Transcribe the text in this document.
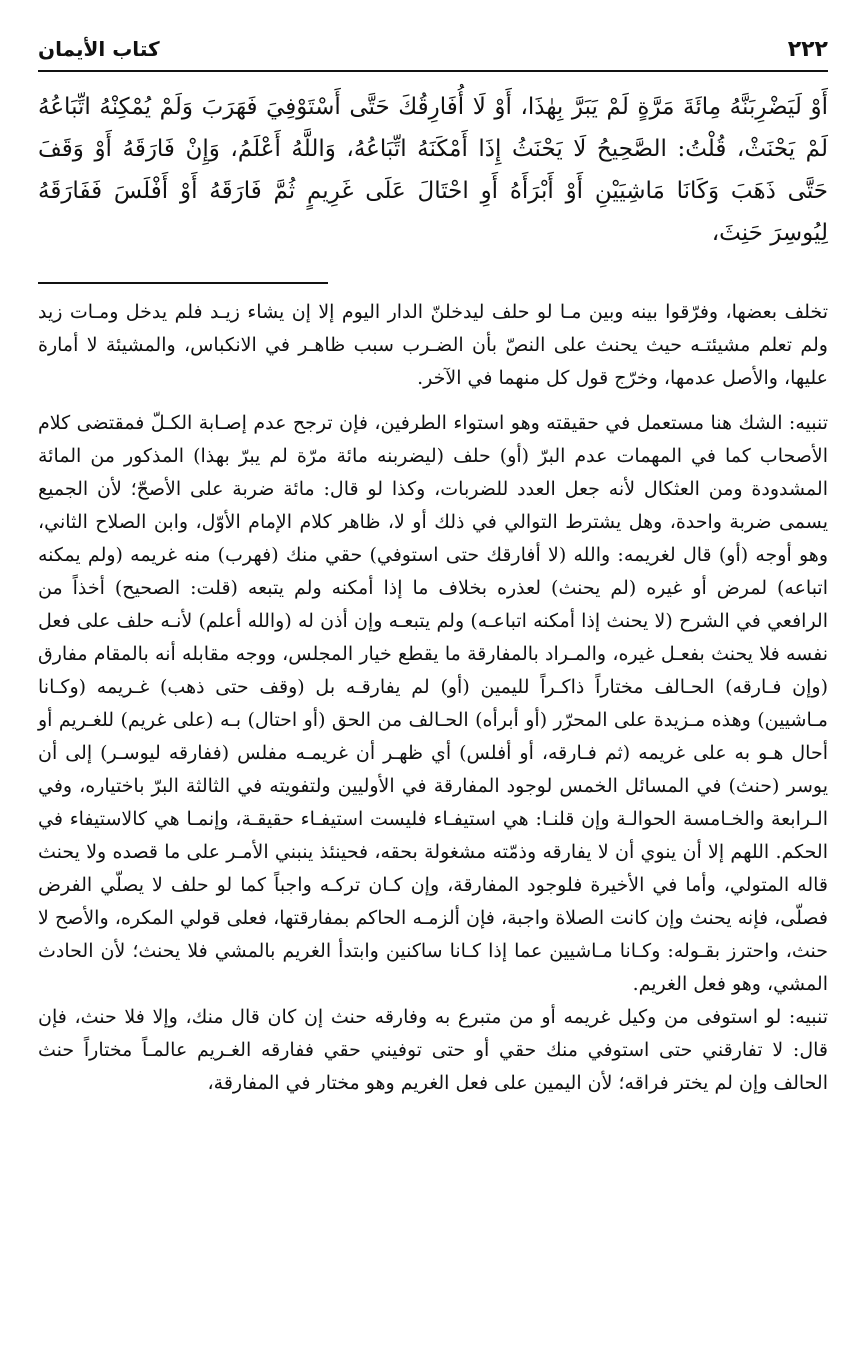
٢٢٢
كتاب الأيمان
أَوْ لَيَضْرِبَنَّهُ مِائَةَ مَرَّةٍ لَمْ يَبَرَّ بِهٰذَا، أَوْ لَا أُفَارِقُكَ حَتَّى أَسْتَوْفِيَ فَهَرَبَ وَلَمْ يُمْكِنْهُ اتِّبَاعُهُ لَمْ يَحْنَثْ، قُلْتُ: الصَّحِيحُ لَا يَحْنَثُ إِذَا أَمْكَنَهُ اتِّبَاعُهُ، وَاللَّهُ أَعْلَمُ، وَإِنْ فَارَقَهُ أَوْ وَقَفَ حَتَّى ذَهَبَ وَكَانَا مَاشِيَيْنِ أَوْ أَبْرَأَهُ أَوِ احْتَالَ عَلَى غَرِيمٍ ثُمَّ فَارَقَهُ أَوْ أَفْلَسَ فَفَارَقَهُ لِيُوسِرَ حَنِثَ،

تخلف بعضها، وفرّقوا بينه وبين مـا لو حلف ليدخلنّ الدار اليوم إلا إن يشاء زيـد فلم يدخل ومـات زيد ولم تعلم مشيئتـه حيث يحنث على النصّ بأن الضـرب سبب ظاهـر في الانكباس، والمشيئة لا أمارة عليها، والأصل عدمها، وخرّج قول كل منهما في الآخر.

تنبيه: الشك هنا مستعمل في حقيقته وهو استواء الطرفين، فإن ترجح عدم إصـابة الكـلّ فمقتضى كلام الأصحاب كما في المهمات عدم البرّ (أو) حلف (ليضربنه مائة مرّة لم يبرّ بهذا) المذكور من المائة المشدودة ومن العثكال لأنه جعل العدد للضربات، وكذا لو قال: مائة ضربة على الأصحّ؛ لأن الجميع يسمى ضربة واحدة، وهل يشترط التوالي في ذلك أو لا، ظاهر كلام الإمام الأوّل، وابن الصلاح الثاني، وهو أوجه (أو) قال لغريمه: والله (لا أفارقك حتى استوفي) حقي منك (فهرب) منه غريمه (ولم يمكنه اتباعه) لمرض أو غيره (لم يحنث) لعذره بخلاف ما إذا أمكنه ولم يتبعه (قلت: الصحيح) أخذاً من الرافعي في الشرح (لا يحنث إذا أمكنه اتباعـه) ولم يتبعـه وإن أذن له (والله أعلم) لأنـه حلف على فعل نفسه فلا يحنث بفعـل غيره، والمـراد بالمفارقة ما يقطع خيار المجلس، ووجه مقابله أنه بالمقام مفارق (وإن فـارقه) الحـالف مختاراً ذاكـراً لليمين (أو) لم يفارقـه بل (وقف حتى ذهب) غـريمه (وكـانا مـاشيين) وهذه مـزيدة على المحرّر (أو أبرأه) الحـالف من الحق (أو احتال) بـه (على غريم) للغـريم أو أحال هـو به على غريمه (ثم فـارقه، أو أفلس) أي ظهـر أن غريمـه مفلس (ففارقه ليوسـر) إلى أن يوسر (حنث) في المسائل الخمس لوجود المفارقة في الأوليين ولتفويته في الثالثة البرّ باختياره، وفي الـرابعة والخـامسة الحوالـة وإن قلنـا: هي استيفـاء فليست استيفـاء حقيقـة، وإنمـا هي كالاستيفاء في الحكم. اللهم إلا أن ينوي أن لا يفارقه وذمّته مشغولة بحقه، فحينئذ ينبني الأمـر على ما قصده ولا يحنث قاله المتولي، وأما في الأخيرة فلوجود المفارقة، وإن كـان تركـه واجباً كما لو حلف لا يصلّي الفرض فصلّى، فإنه يحنث وإن كانت الصلاة واجبة، فإن ألزمـه الحاكم بمفارقتها، فعلى قولي المكره، والأصح لا حنث، واحترز بقـوله: وكـانا مـاشيين عما إذا كـانا ساكنين وابتدأ الغريم بالمشي فلا يحنث؛ لأن الحادث المشي، وهو فعل الغريم.

تنبيه: لو استوفى من وكيل غريمه أو من متبرع به وفارقه حنث إن كان قال منك، وإلا فلا حنث، فإن قال: لا تفارقني حتى استوفي منك حقي أو حتى توفيني حقي ففارقه الغـريم عالمـاً مختاراً حنث الحالف وإن لم يختر فراقه؛ لأن اليمين على فعل الغريم وهو مختار في المفارقة،
